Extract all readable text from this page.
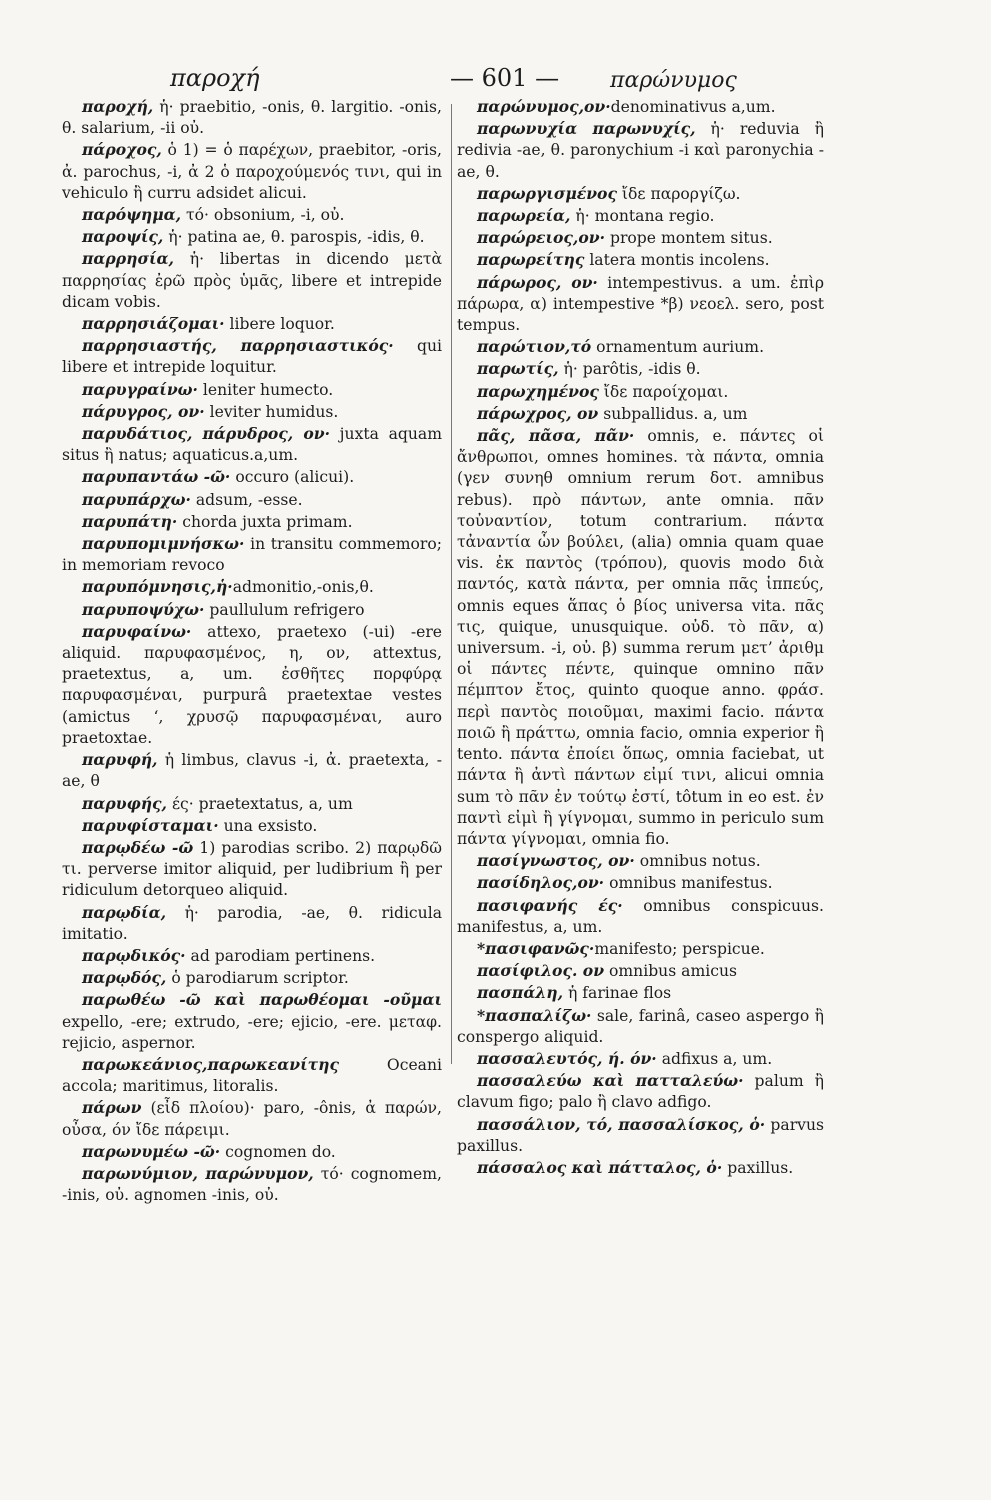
παροχή	— 601 — παρώνυμος

παροχή, ἡ· praebitio, -onis, θ. largitio. -onis, θ. salarium, -ii οὐ.

πάροχος, ὁ 1) = ὁ παρέχων, praebitor, -oris, ἀ. parochus, -i, ἀ 2 ὁ παροχούμενός τινι, qui in vehiculo ἢ curru adsidet alicui.

παρόψημα, τό· obsonium, -i, οὐ.

παροψίς, ἡ· patina ae, θ. parospis, -idis, θ.

παρρησία, ἡ· libertas in dicendo μετὰ παρρησίας ἐρῶ πρὸς ὑμᾶς, libere et intrepide dicam vobis.

παρρησιάζομαι· libere loquor.

παρρησιαστής, παρρησιαστικός· qui libere et intrepide loquitur.

παρυγραίνω· leniter humecto.

πάρυγρος, ον· leviter humidus.

παρυδάτιος, πάρυδρος, ον· juxta aquam situs ἢ natus; aquaticus.a,um.

παρυπαντάω -ῶ· occuro (alicui).

παρυπάρχω· adsum, -esse.

παρυπάτη· chorda juxta primam.

παρυπομιμνήσκω· in transitu commemoro; in memoriam revoco

παρυπόμνησις,ἡ·admonitio,-onis,θ.

παρυποψύχω· paullulum refrigero

παρυφαίνω· attexo, praetexo (-ui) -ere aliquid. παρυφασμένος, η, ον, attextus, praetextus, a, um. ἐσθῆτες πορφύρᾳ παρυφασμέναι, purpurâ praetextae vestes (amictus ‘, χρυσῷ παρυφασμέναι, auro praetoxtae.

παρυφή, ἡ limbus, clavus -i, ἀ. praetexta, -ae, θ

παρυφής, ές· praetextatus, a, um

παρυφίσταμαι· una exsisto.

παρῳδέω -ῶ 1) parodias scribo. 2) παρῳδῶ τι. perverse imitor aliquid, per ludibrium ἢ per ridiculum detorqueo aliquid.

παρῳδία, ἡ· parodia, -ae, θ. ridicula imitatio.

παρῳδικός· ad parodiam pertinens.

παρῳδός, ὁ parodiarum scriptor.

παρωθέω -ῶ καὶ παρωθέομαι -οῦμαι expello, -ere; extrudo, -ere; ejicio, -ere. μεταφ. rejicio, aspernor.

παρωκεάνιος,παρωκεανίτης Oceani accola; maritimus, litoralis.

πάρων (εἶδ πλοίου)· paro, -ônis, ἀ παρών, οὖσα, όν ἴδε πάρειμι.

παρωνυμέω -ῶ· cognomen do.

παρωνύμιον, παρώνυμον, τό· cognomem, -inis, οὐ. agnomen -inis, οὐ.

παρώνυμος,ον·denominativus a,um.

παρωνυχία παρωνυχίς, ἡ· reduvia ἢ redivia -ae, θ. paronychium -i καὶ paronychia -ae, θ.

παρωργισμένος ἴδε παροργίζω.

παρωρεία, ἡ· montana regio.

παρώρειος,ον· prope montem situs.

παρωρείτης latera montis incolens.

πάρωρος, ον· intempestivus. a um. ἐπὶρ πάρωρα, α) intempestive *β) νεοελ. sero, post tempus.

παρώτιον,τό ornamentum aurium.

παρωτίς, ἡ· parôtis, -idis θ.

παρωχημένος ἴδε παροίχομαι.

πάρωχρος, ον subpallidus. a, um

πᾶς, πᾶσα, πᾶν· omnis, e. πάντες οἱ ἄνθρωποι, omnes homines. τὰ πάντα, omnia (γεν συνηθ omnium rerum δοτ. amnibus rebus). πρὸ πάντων, ante omnia. πᾶν τοὐναντίον, totum contrarium. πάντα τἀναντία ὧν βούλει, (alia) omnia quam quae vis. ἐκ παντὸς (τρόπου), quovis modo διὰ παντός, κατὰ πάντα, per omnia πᾶς ἱππεύς, omnis eques ἅπας ὁ βίος universa vita. πᾶς τις, quique, unusquique. οὐδ. τὸ πᾶν, α) universum. -i, οὐ. β) summa rerum μετ’ ἀριθμ οἱ πάντες πέντε, quinque omnino πᾶν πέμπτον ἔτος, quinto quoque anno. φράσ. περὶ παντὸς ποιοῦμαι, maximi facio. πάντα ποιῶ ἢ πράττω, omnia facio, omnia experior ἢ tento. πάντα ἐποίει ὅπως, omnia faciebat, ut πάντα ἢ ἀντὶ πάντων εἰμί τινι, alicui omnia sum τὸ πᾶν ἐν τούτῳ ἐστί, tôtum in eo est. ἐν παντὶ εἰμὶ ἢ γίγνομαι, summo in periculo sum πάντα γίγνομαι, omnia fio.

πασίγνωστος, ον· omnibus notus.

πασίδηλος,ον· omnibus manifestus.

πασιφανής ές· omnibus conspicuus. manifestus, a, um.

*πασιφανῶς·manifesto; perspicue.

πασίφιλος. ον omnibus amicus

πασπάλη, ἡ farinae flos

*πασπαλίζω· sale, farinâ, caseo aspergo ἢ conspergo aliquid.

πασσαλευτός, ή. όν· adfixus a, um.

πασσαλεύω καὶ πατταλεύω· palum ἢ clavum figo; palo ἢ clavo adfigo.

πασσάλιον, τό, πασσαλίσκος, ὁ· parvus paxillus.

πάσσαλος καὶ πάτταλος, ὁ· paxillus.
